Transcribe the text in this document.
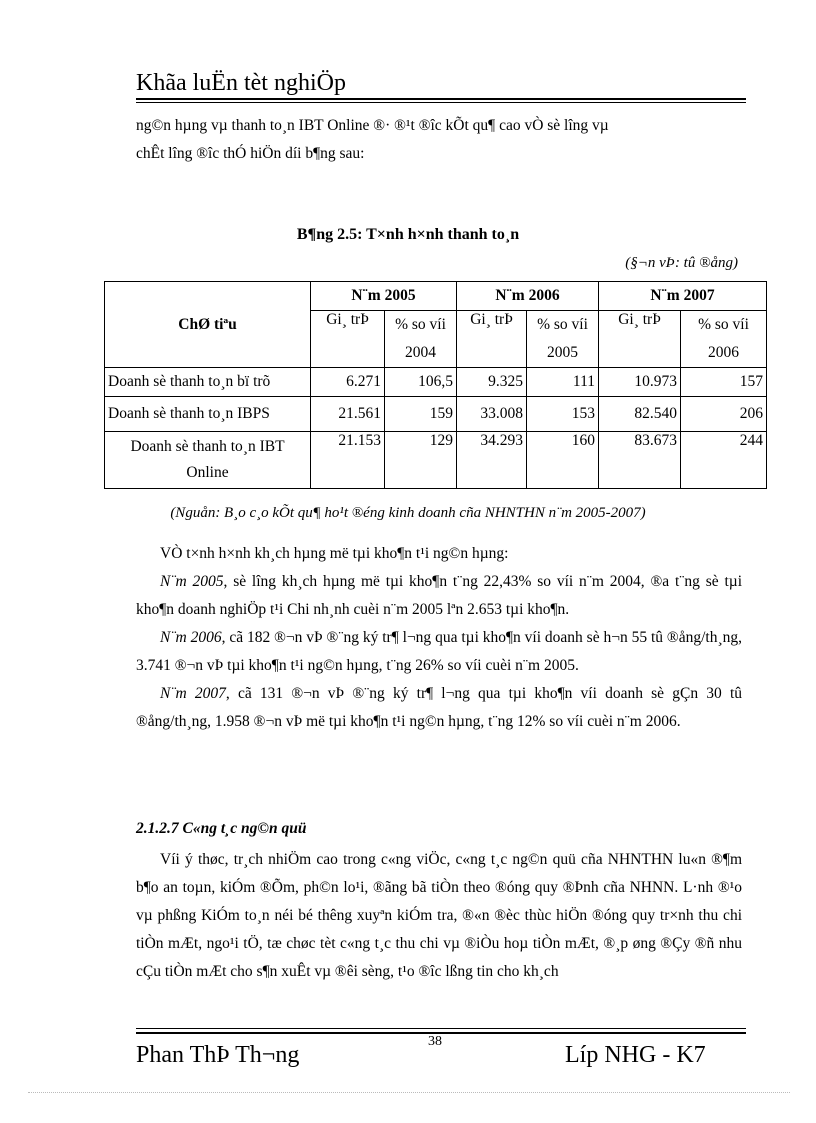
Khãa luËn tèt nghiÖp
ng©n hµng vµ thanh to¸n IBT Online ®· ®¹t ®îc kÕt qu¶ cao vÒ sè lîng vµ
chÊt lîng ®îc thÓ hiÖn díi b¶ng sau:
B¶ng 2.5: T×nh h×nh thanh to¸n
(§¬n vÞ: tû ®ång)
ChØ tiªu	N¨m 2005		N¨m 2006		N¨m 2007	
	Gi¸ trÞ	% so víi	Gi¸ trÞ	% so víi	Gi¸ trÞ	% so víi
		2004		2005		2006
Doanh sè thanh to¸n bï trõ	6.271	106,5	9.325	111	10.973	157
Doanh sè thanh to¸n IBPS	21.561	159	33.008	153	82.540	206
Doanh sè thanh to¸n IBT Online	21.153	129	34.293	160	83.673	244
(Nguån: B¸o c¸o kÕt qu¶ ho¹t ®éng kinh doanh cña NHNTHN n¨m 2005-2007)
VÒ t×nh h×nh kh¸ch hµng më tµi kho¶n t¹i ng©n hµng:
N¨m 2005, sè lîng kh¸ch hµng më tµi kho¶n t¨ng 22,43% so víi n¨m 2004, ®a t¨ng sè tµi kho¶n doanh nghiÖp t¹i Chi nh¸nh cuèi n¨m 2005 lªn 2.653 tµi kho¶n.
N¨m 2006, cã 182 ®¬n vÞ ®¨ng ký tr¶ l¬ng qua tµi kho¶n víi doanh sè h¬n 55 tû ®ång/th¸ng, 3.741 ®¬n vÞ tµi kho¶n t¹i ng©n hµng, t¨ng 26% so víi cuèi n¨m 2005.
N¨m 2007, cã 131 ®¬n vÞ ®¨ng ký tr¶ l¬ng qua tµi kho¶n víi doanh sè gÇn 30 tû ®ång/th¸ng, 1.958 ®¬n vÞ më tµi kho¶n t¹i ng©n hµng, t¨ng 12% so víi cuèi n¨m 2006.
2.1.2.7 C«ng t¸c ng©n quü
Víi ý thøc, tr¸ch nhiÖm cao trong c«ng viÖc, c«ng t¸c ng©n quü cña NHNTHN lu«n ®¶m b¶o an toµn, kiÓm ®Õm, ph©n lo¹i, ®ãng bã tiÒn theo ®óng quy ®Þnh cña NHNN. L·nh ®¹o vµ phßng KiÓm to¸n néi bé thêng xuyªn kiÓm tra, ®«n ®èc thùc hiÖn ®óng quy tr×nh thu chi tiÒn mÆt, ngo¹i tÖ, tæ chøc tèt c«ng t¸c thu chi vµ ®iÒu hoµ tiÒn mÆt, ®¸p øng ®Çy ®ñ nhu cÇu tiÒn mÆt cho s¶n xuÊt vµ ®êi sèng, t¹o ®îc lßng tin cho kh¸ch
Phan ThÞ Th¬ng
38
Líp NHG - K7
